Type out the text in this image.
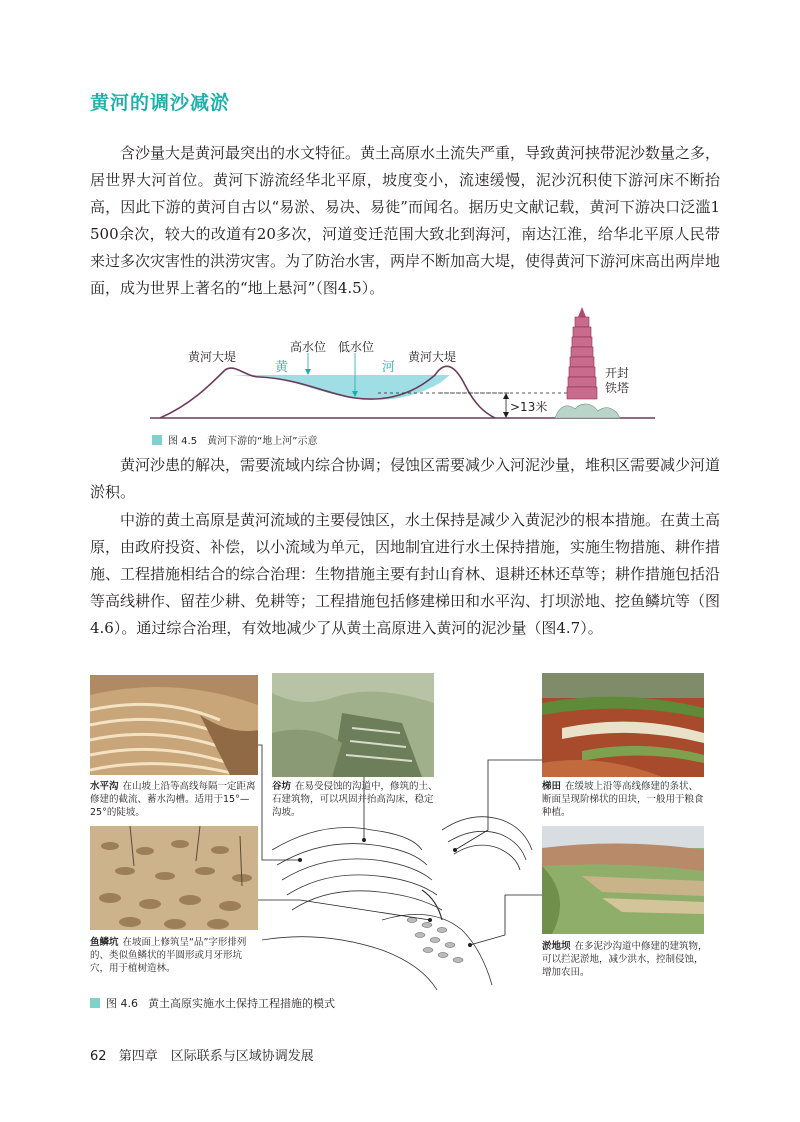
黄河的调沙减淤

含沙量大是黄河最突出的水文特征。黄土高原水土流失严重，导致黄河挟带泥沙数量之多，居世界大河首位。黄河下游流经华北平原，坡度变小，流速缓慢，泥沙沉积使下游河床不断抬高，因此下游的黄河自古以“易淤、易决、易徙”而闻名。据历史文献记载，黄河下游决口泛滥1 500余次，较大的改道有20多次，河道变迁范围大致北到海河，南达江淮，给华北平原人民带来过多次灾害性的洪涝灾害。为了防治水害，两岸不断加高大堤，使得黄河下游河床高出两岸地面，成为世界上著名的“地上悬河”（图4.5）。

黄河大堤
高水位 低水位
黄	河
黄河大堤
>13米
开封
铁塔
图 4.5 黄河下游的“地上河”示意

黄河沙患的解决，需要流域内综合协调；侵蚀区需要减少入河泥沙量，堆积区需要减少河道淤积。

中游的黄土高原是黄河流域的主要侵蚀区，水土保持是减少入黄泥沙的根本措施。在黄土高原，由政府投资、补偿，以小流域为单元，因地制宜进行水土保持措施，实施生物措施、耕作措施、工程措施相结合的综合治理：生物措施主要有封山育林、退耕还林还草等；耕作措施包括沿等高线耕作、留茬少耕、免耕等；工程措施包括修建梯田和水平沟、打坝淤地、挖鱼鳞坑等（图4.6）。通过综合治理，有效地减少了从黄土高原进入黄河的泥沙量（图4.7）。

水平沟 在山坡上沿等高线每隔一定距离修建的截流、蓄水沟槽。适用于15°—25°的陡坡。
谷坊 在易受侵蚀的沟道中，修筑的土、石建筑物，可以巩固并抬高沟床，稳定沟坡。
梯田 在缓坡上沿等高线修建的条状、断面呈现阶梯状的田块，一般用于粮食种植。
鱼鳞坑 在坡面上修筑呈“品”字形排列的、类似鱼鳞状的半圆形或月牙形坑穴，用于植树造林。
淤地坝 在多泥沙沟道中修建的建筑物，可以拦泥淤地，减少洪水，控制侵蚀，增加农田。
图 4.6 黄土高原实施水土保持工程措施的模式
62 第四章　区际联系与区域协调发展
